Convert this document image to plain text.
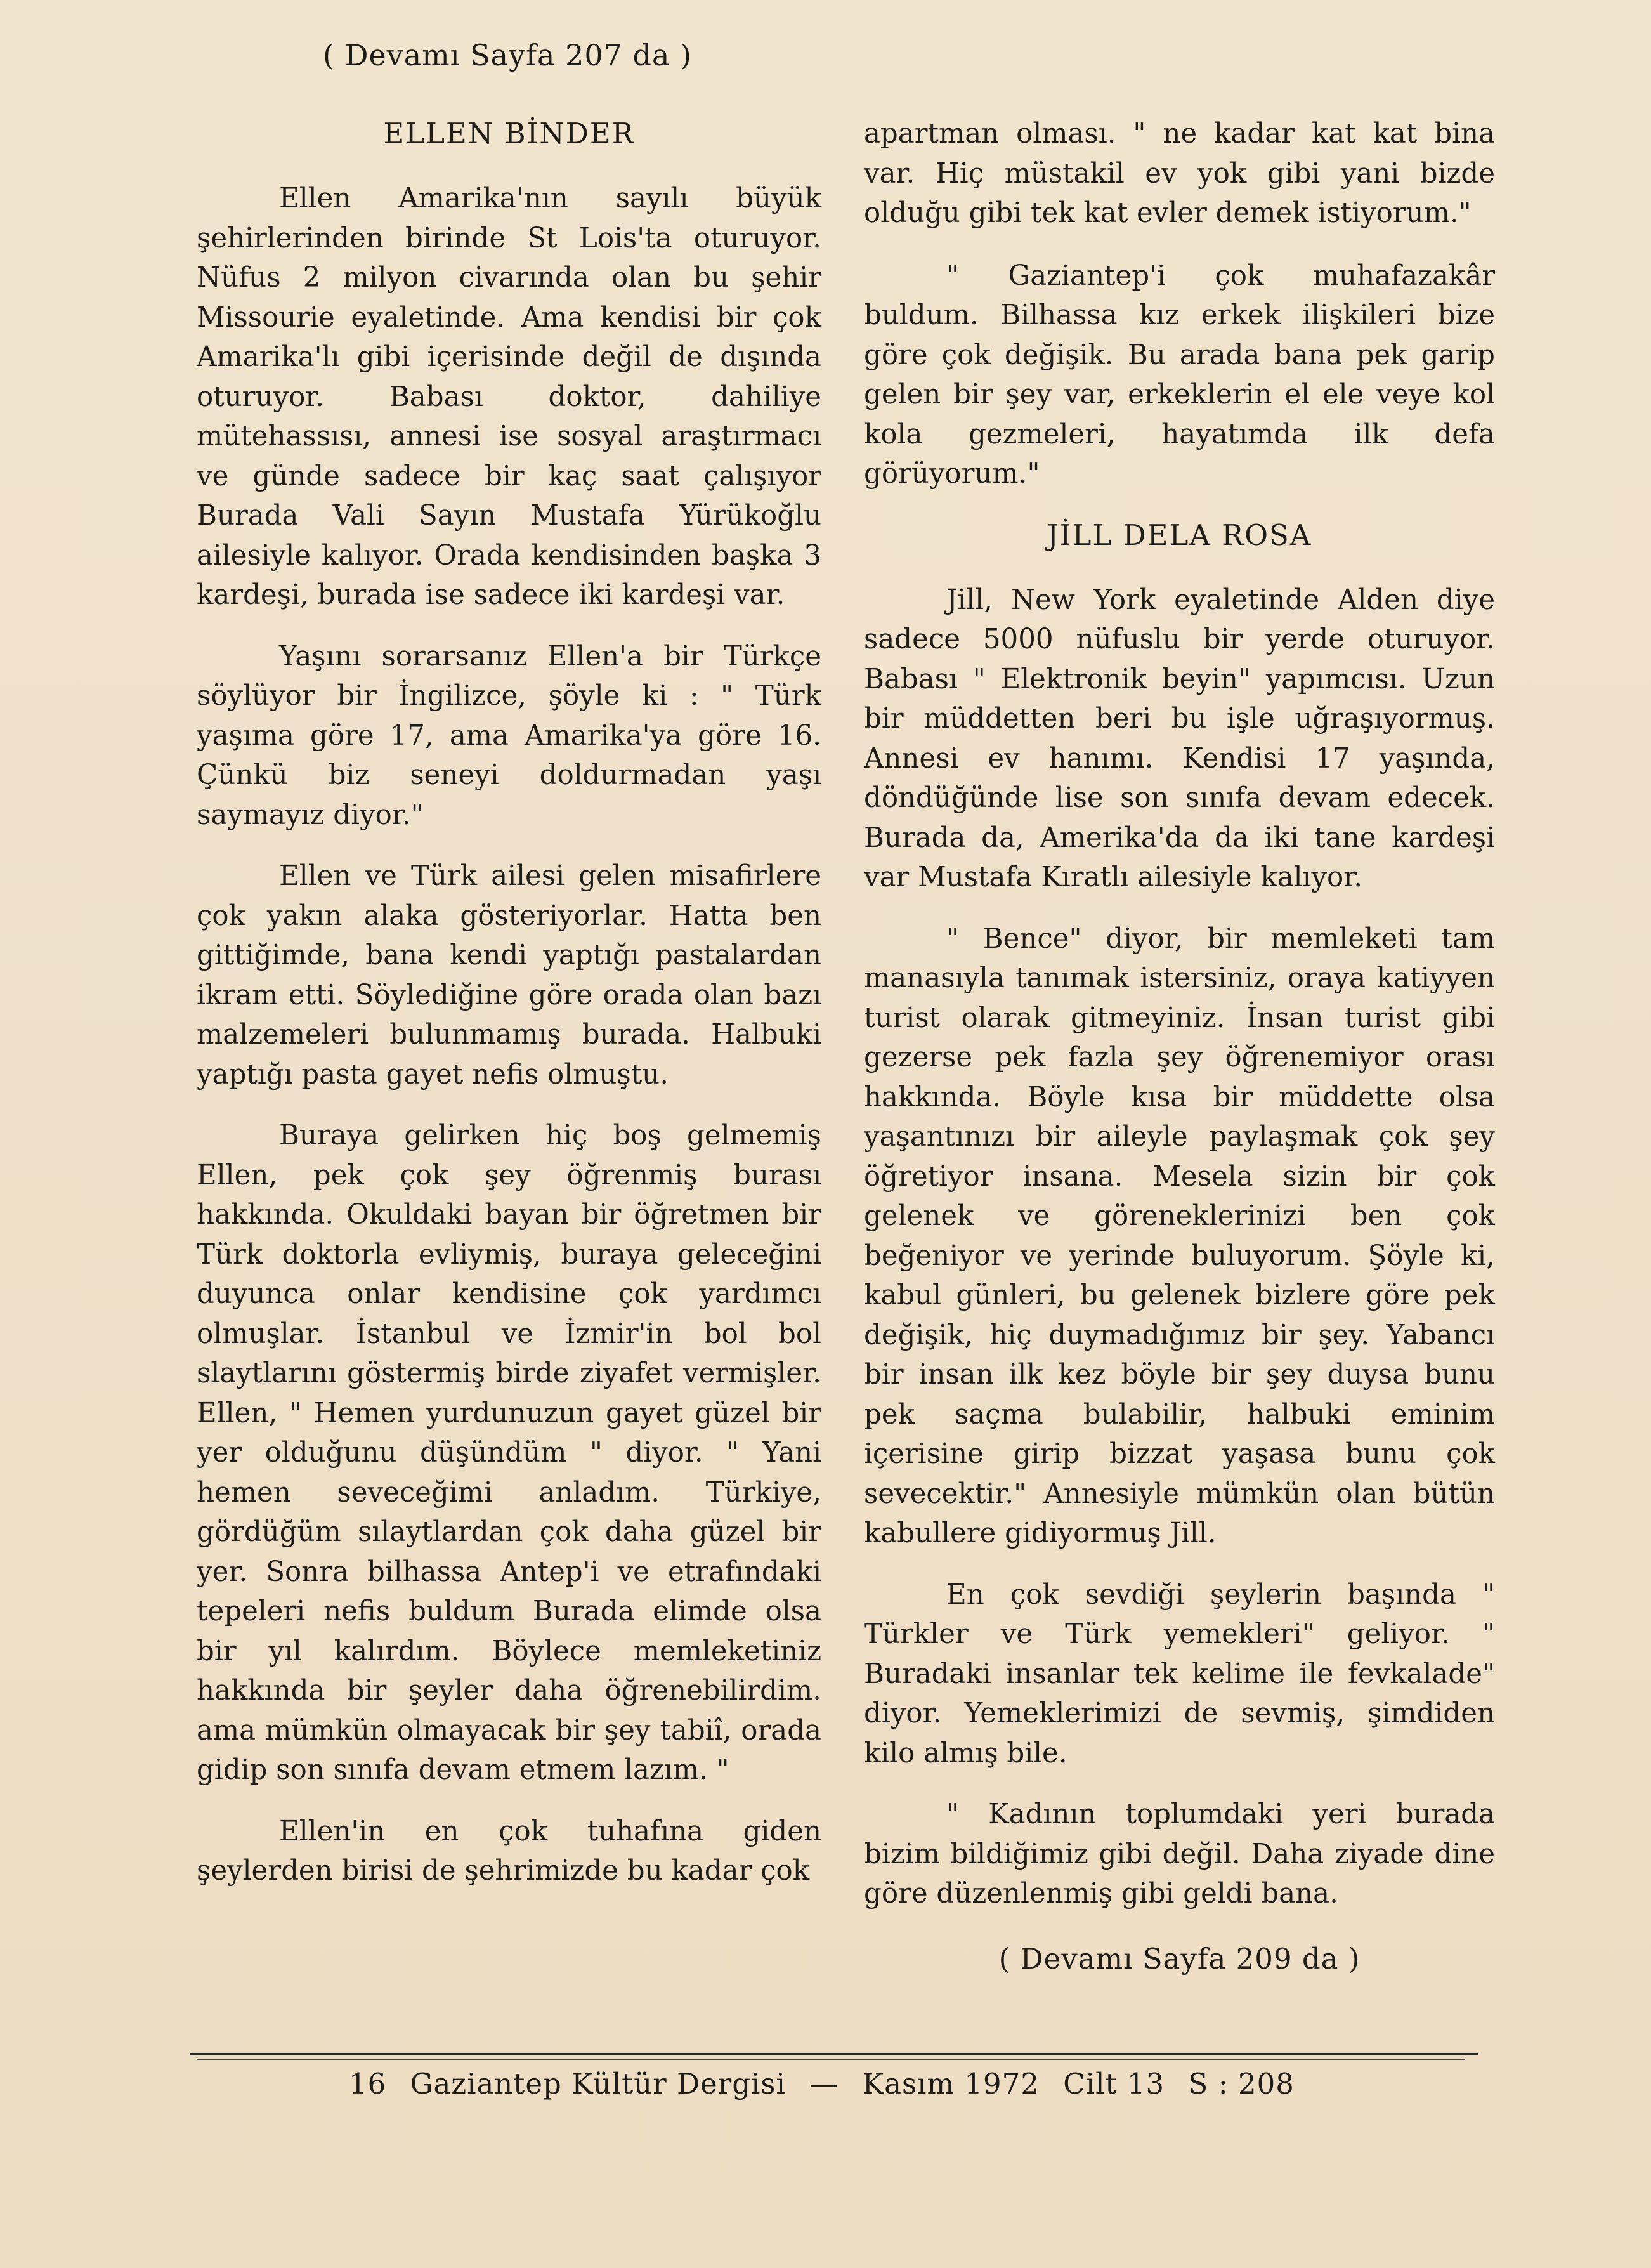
( Devamı Sayfa 207 da )
ELLEN BİNDER

Ellen Amarika'nın sayılı büyük şehirlerinden birinde St Lois'ta oturuyor. Nüfus 2 milyon civarında olan bu şehir Missourie eyaletinde. Ama kendisi bir çok Amarika'lı gibi içerisinde değil de dışında oturuyor. Babası doktor, dahiliye mütehassısı, annesi ise sosyal araştırmacı ve günde sadece bir kaç saat çalışıyor Burada Vali Sayın Mustafa Yürükoğlu ailesiyle kalıyor. Orada kendisinden başka 3 kardeşi, burada ise sadece iki kardeşi var.

Yaşını sorarsanız Ellen'a bir Türkçe söylüyor bir İngilizce, şöyle ki : " Türk yaşıma göre 17, ama Amarika'ya göre 16. Çünkü biz seneyi doldurmadan yaşı saymayız diyor."

Ellen ve Türk ailesi gelen misafirlere çok yakın alaka gösteriyorlar. Hatta ben gittiğimde, bana kendi yaptığı pastalardan ikram etti. Söylediğine göre orada olan bazı malzemeleri bulunmamış burada. Halbuki yaptığı pasta gayet nefis olmuştu.

Buraya gelirken hiç boş gelmemiş Ellen, pek çok şey öğrenmiş burası hakkında. Okuldaki bayan bir öğretmen bir Türk doktorla evliymiş, buraya geleceğini duyunca onlar kendisine çok yardımcı olmuşlar. İstanbul ve İzmir'in bol bol slaytlarını göstermiş birde ziyafet vermişler. Ellen, " Hemen yurdunuzun gayet güzel bir yer olduğunu düşündüm " diyor. " Yani hemen seveceğimi anladım. Türkiye, gördüğüm sılaytlardan çok daha güzel bir yer. Sonra bilhassa Antep'i ve etrafındaki tepeleri nefis buldum Burada elimde olsa bir yıl kalırdım. Böylece memleketiniz hakkında bir şeyler daha öğrenebilirdim. ama mümkün olmayacak bir şey tabiî, orada gidip son sınıfa devam etmem lazım. "

Ellen'in en çok tuhafına giden şeylerden birisi de şehrimizde bu kadar çok

apartman olması. " ne kadar kat kat bina var. Hiç müstakil ev yok gibi yani bizde olduğu gibi tek kat evler demek istiyorum."

" Gaziantep'i çok muhafazakâr buldum. Bilhassa kız erkek ilişkileri bize göre çok değişik. Bu arada bana pek garip gelen bir şey var, erkeklerin el ele veye kol kola gezmeleri, hayatımda ilk defa görüyorum."

JİLL DELA ROSA

Jill, New York eyaletinde Alden diye sadece 5000 nüfuslu bir yerde oturuyor. Babası " Elektronik beyin" yapımcısı. Uzun bir müddetten beri bu işle uğraşıyormuş. Annesi ev hanımı. Kendisi 17 yaşında, döndüğünde lise son sınıfa devam edecek. Burada da, Amerika'da da iki tane kardeşi var Mustafa Kıratlı ailesiyle kalıyor.

" Bence" diyor, bir memleketi tam manasıyla tanımak istersiniz, oraya katiyyen turist olarak gitmeyiniz. İnsan turist gibi gezerse pek fazla şey öğrenemiyor orası hakkında. Böyle kısa bir müddette olsa yaşantınızı bir aileyle paylaşmak çok şey öğretiyor insana. Mesela sizin bir çok gelenek ve göreneklerinizi ben çok beğeniyor ve yerinde buluyorum. Şöyle ki, kabul günleri, bu gelenek bizlere göre pek değişik, hiç duymadığımız bir şey. Yabancı bir insan ilk kez böyle bir şey duysa bunu pek saçma bulabilir, halbuki eminim içerisine girip bizzat yaşasa bunu çok sevecektir." Annesiyle mümkün olan bütün kabullere gidiyormuş Jill.

En çok sevdiği şeylerin başında " Türkler ve Türk yemekleri" geliyor. " Buradaki insanlar tek kelime ile fevkalade" diyor. Yemeklerimizi de sevmiş, şimdiden kilo almış bile.

" Kadının toplumdaki yeri burada bizim bildiğimiz gibi değil. Daha ziyade dine göre düzenlenmiş gibi geldi bana.

( Devamı Sayfa 209 da )
16 Gaziantep Kültür Dergisi — Kasım 1972 Cilt 13 S : 208
